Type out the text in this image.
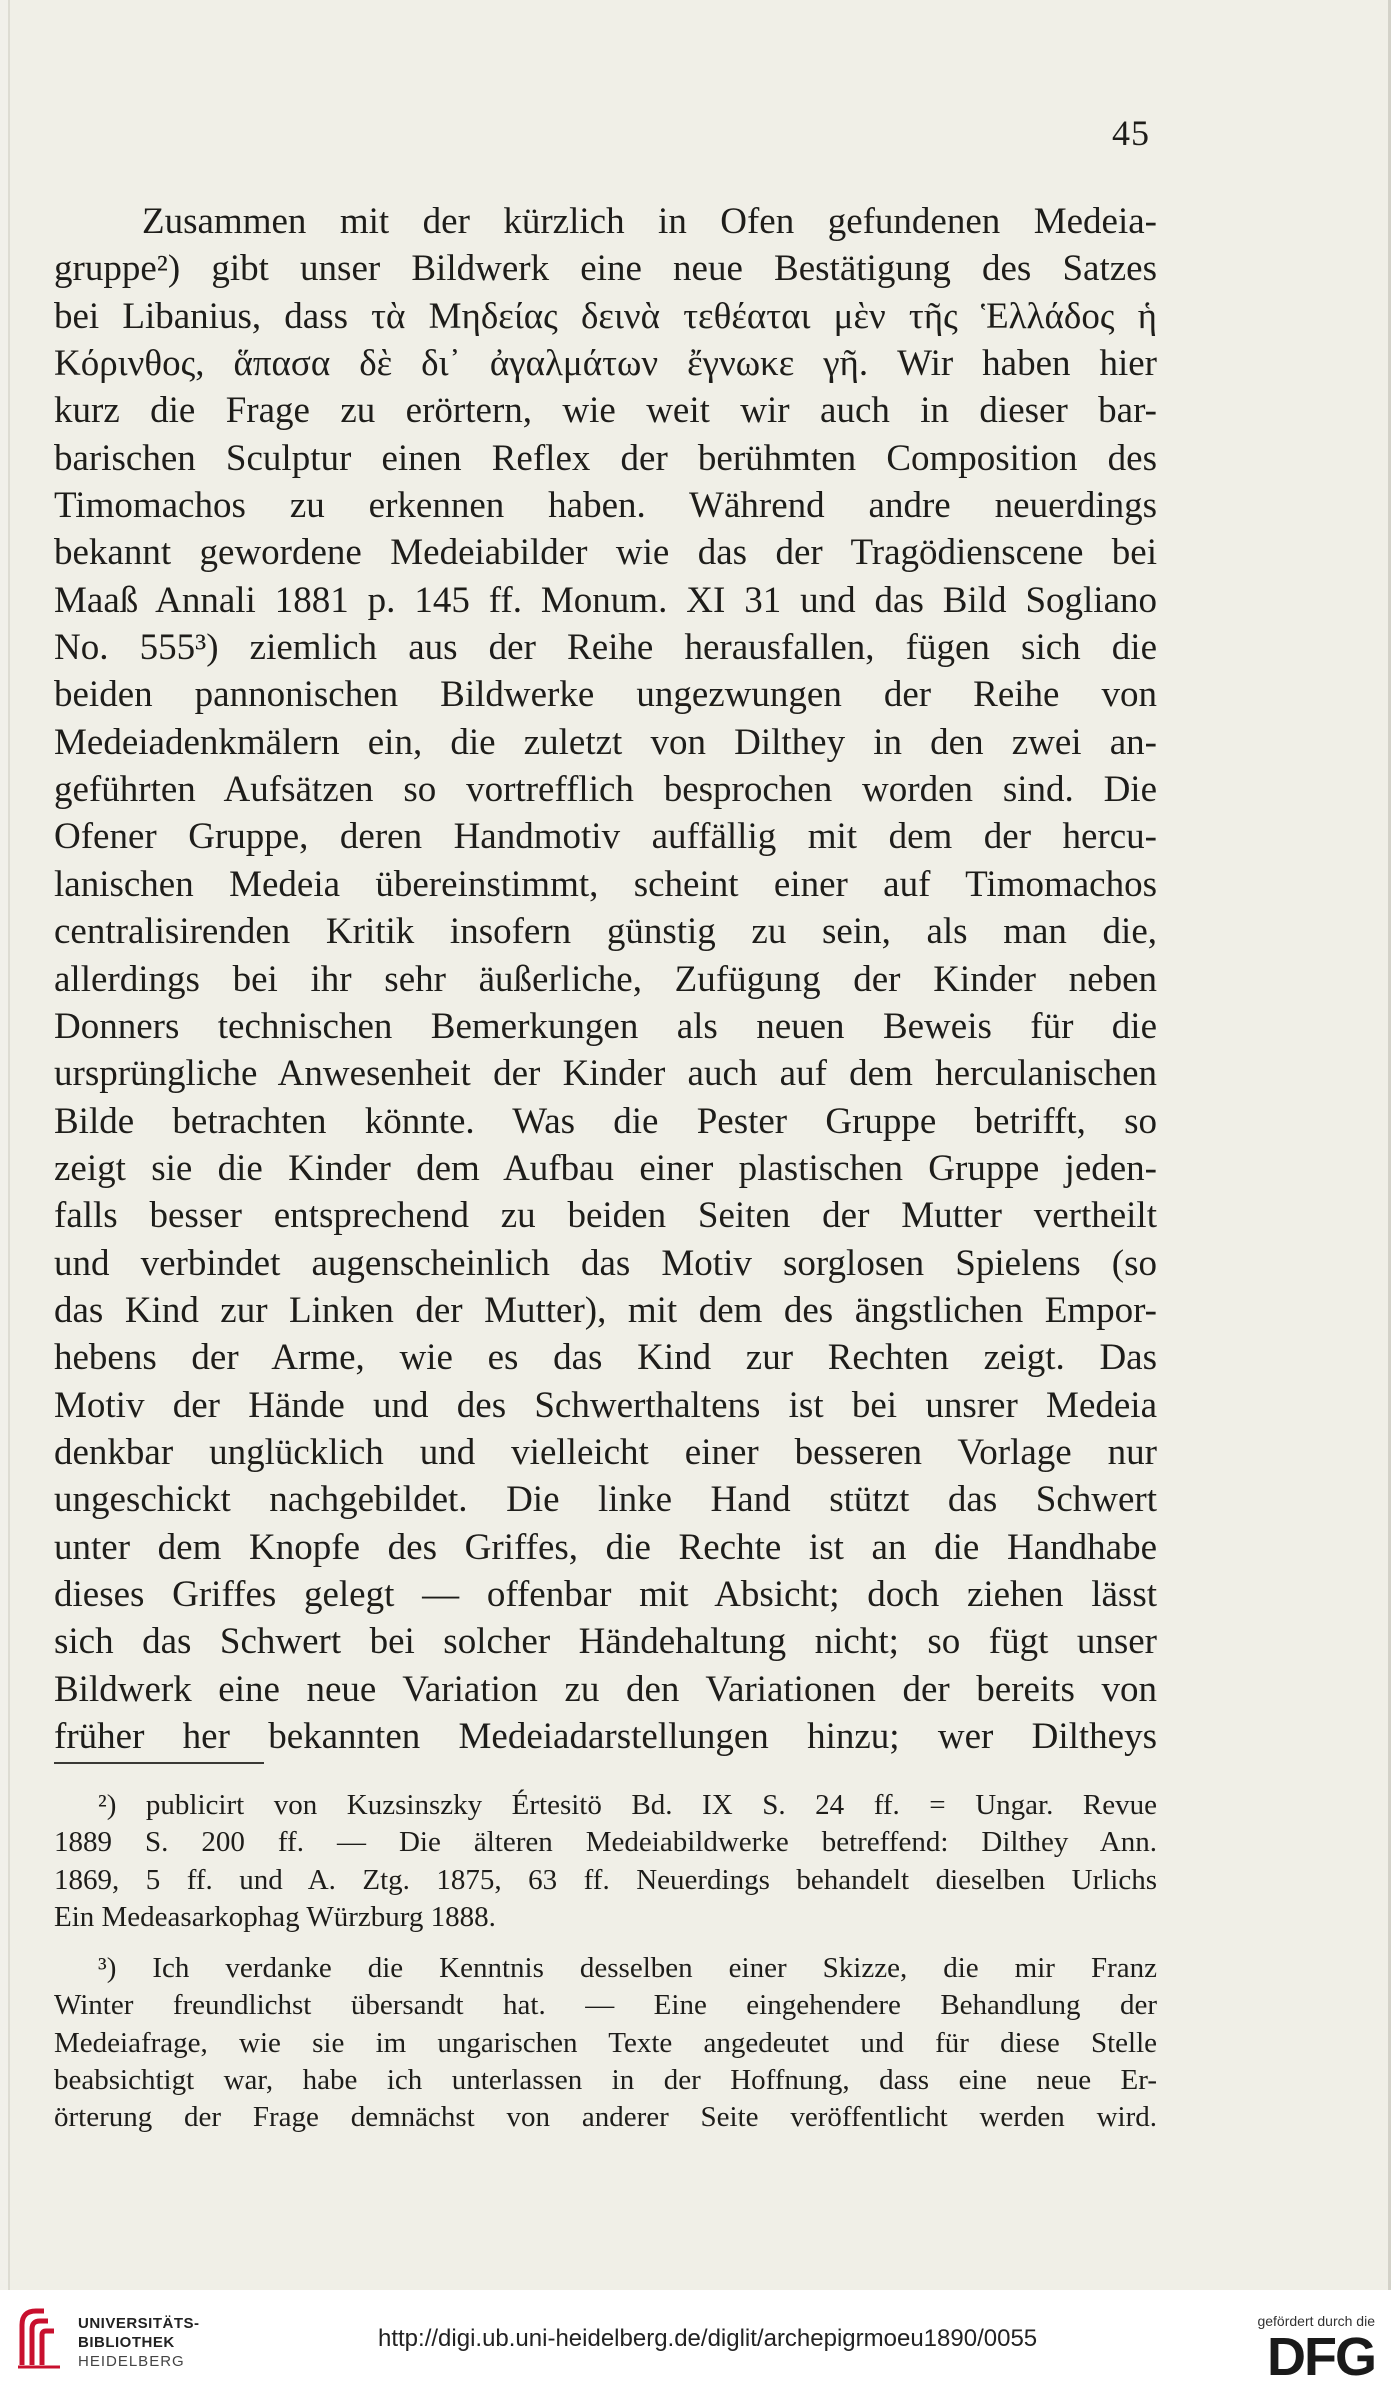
45
Zusammen mit der kürzlich in Ofen gefundenen Medeia-
gruppe²) gibt unser Bildwerk eine neue Bestätigung des Satzes
bei Libanius, dass τὰ Μηδείας δεινὰ τεθέαται μὲν τῆς Ἑλλάδος ἡ
Κόρινθος, ἅπασα δὲ δι᾿ ἀγαλμάτων ἔγνωκε γῆ. Wir haben hier
kurz die Frage zu erörtern, wie weit wir auch in dieser bar-
barischen Sculptur einen Reflex der berühmten Composition des
Timomachos zu erkennen haben. Während andre neuerdings
bekannt gewordene Medeiabilder wie das der Tragödienscene bei
Maaß Annali 1881 p. 145 ff. Monum. XI 31 und das Bild Sogliano
No. 555³) ziemlich aus der Reihe herausfallen, fügen sich die
beiden pannonischen Bildwerke ungezwungen der Reihe von
Medeiadenkmälern ein, die zuletzt von Dilthey in den zwei an-
geführten Aufsätzen so vortrefflich besprochen worden sind. Die
Ofener Gruppe, deren Handmotiv auffällig mit dem der hercu-
lanischen Medeia übereinstimmt, scheint einer auf Timomachos
centralisirenden Kritik insofern günstig zu sein, als man die,
allerdings bei ihr sehr äußerliche, Zufügung der Kinder neben
Donners technischen Bemerkungen als neuen Beweis für die
ursprüngliche Anwesenheit der Kinder auch auf dem herculanischen
Bilde betrachten könnte. Was die Pester Gruppe betrifft, so
zeigt sie die Kinder dem Aufbau einer plastischen Gruppe jeden-
falls besser entsprechend zu beiden Seiten der Mutter vertheilt
und verbindet augenscheinlich das Motiv sorglosen Spielens (so
das Kind zur Linken der Mutter), mit dem des ängstlichen Empor-
hebens der Arme, wie es das Kind zur Rechten zeigt. Das
Motiv der Hände und des Schwerthaltens ist bei unsrer Medeia
denkbar unglücklich und vielleicht einer besseren Vorlage nur
ungeschickt nachgebildet. Die linke Hand stützt das Schwert
unter dem Knopfe des Griffes, die Rechte ist an die Handhabe
dieses Griffes gelegt — offenbar mit Absicht; doch ziehen lässt
sich das Schwert bei solcher Händehaltung nicht; so fügt unser
Bildwerk eine neue Variation zu den Variationen der bereits von
früher her bekannten Medeiadarstellungen hinzu; wer Diltheys
²) publicirt von Kuzsinszky Értesitö Bd. IX S. 24 ff. = Ungar. Revue
1889 S. 200 ff. — Die älteren Medeiabildwerke betreffend: Dilthey Ann.
1869, 5 ff. und A. Ztg. 1875, 63 ff. Neuerdings behandelt dieselben Urlichs
Ein Medeasarkophag Würzburg 1888.
³) Ich verdanke die Kenntnis desselben einer Skizze, die mir Franz
Winter freundlichst übersandt hat. — Eine eingehendere Behandlung der
Medeiafrage, wie sie im ungarischen Texte angedeutet und für diese Stelle
beabsichtigt war, habe ich unterlassen in der Hoffnung, dass eine neue Er-
örterung der Frage demnächst von anderer Seite veröffentlicht werden wird.
UNIVERSITÄTS-
BIBLIOTHEK
HEIDELBERG
http://digi.ub.uni-heidelberg.de/diglit/archepigrmoeu1890/0055
gefördert durch die
DFG
